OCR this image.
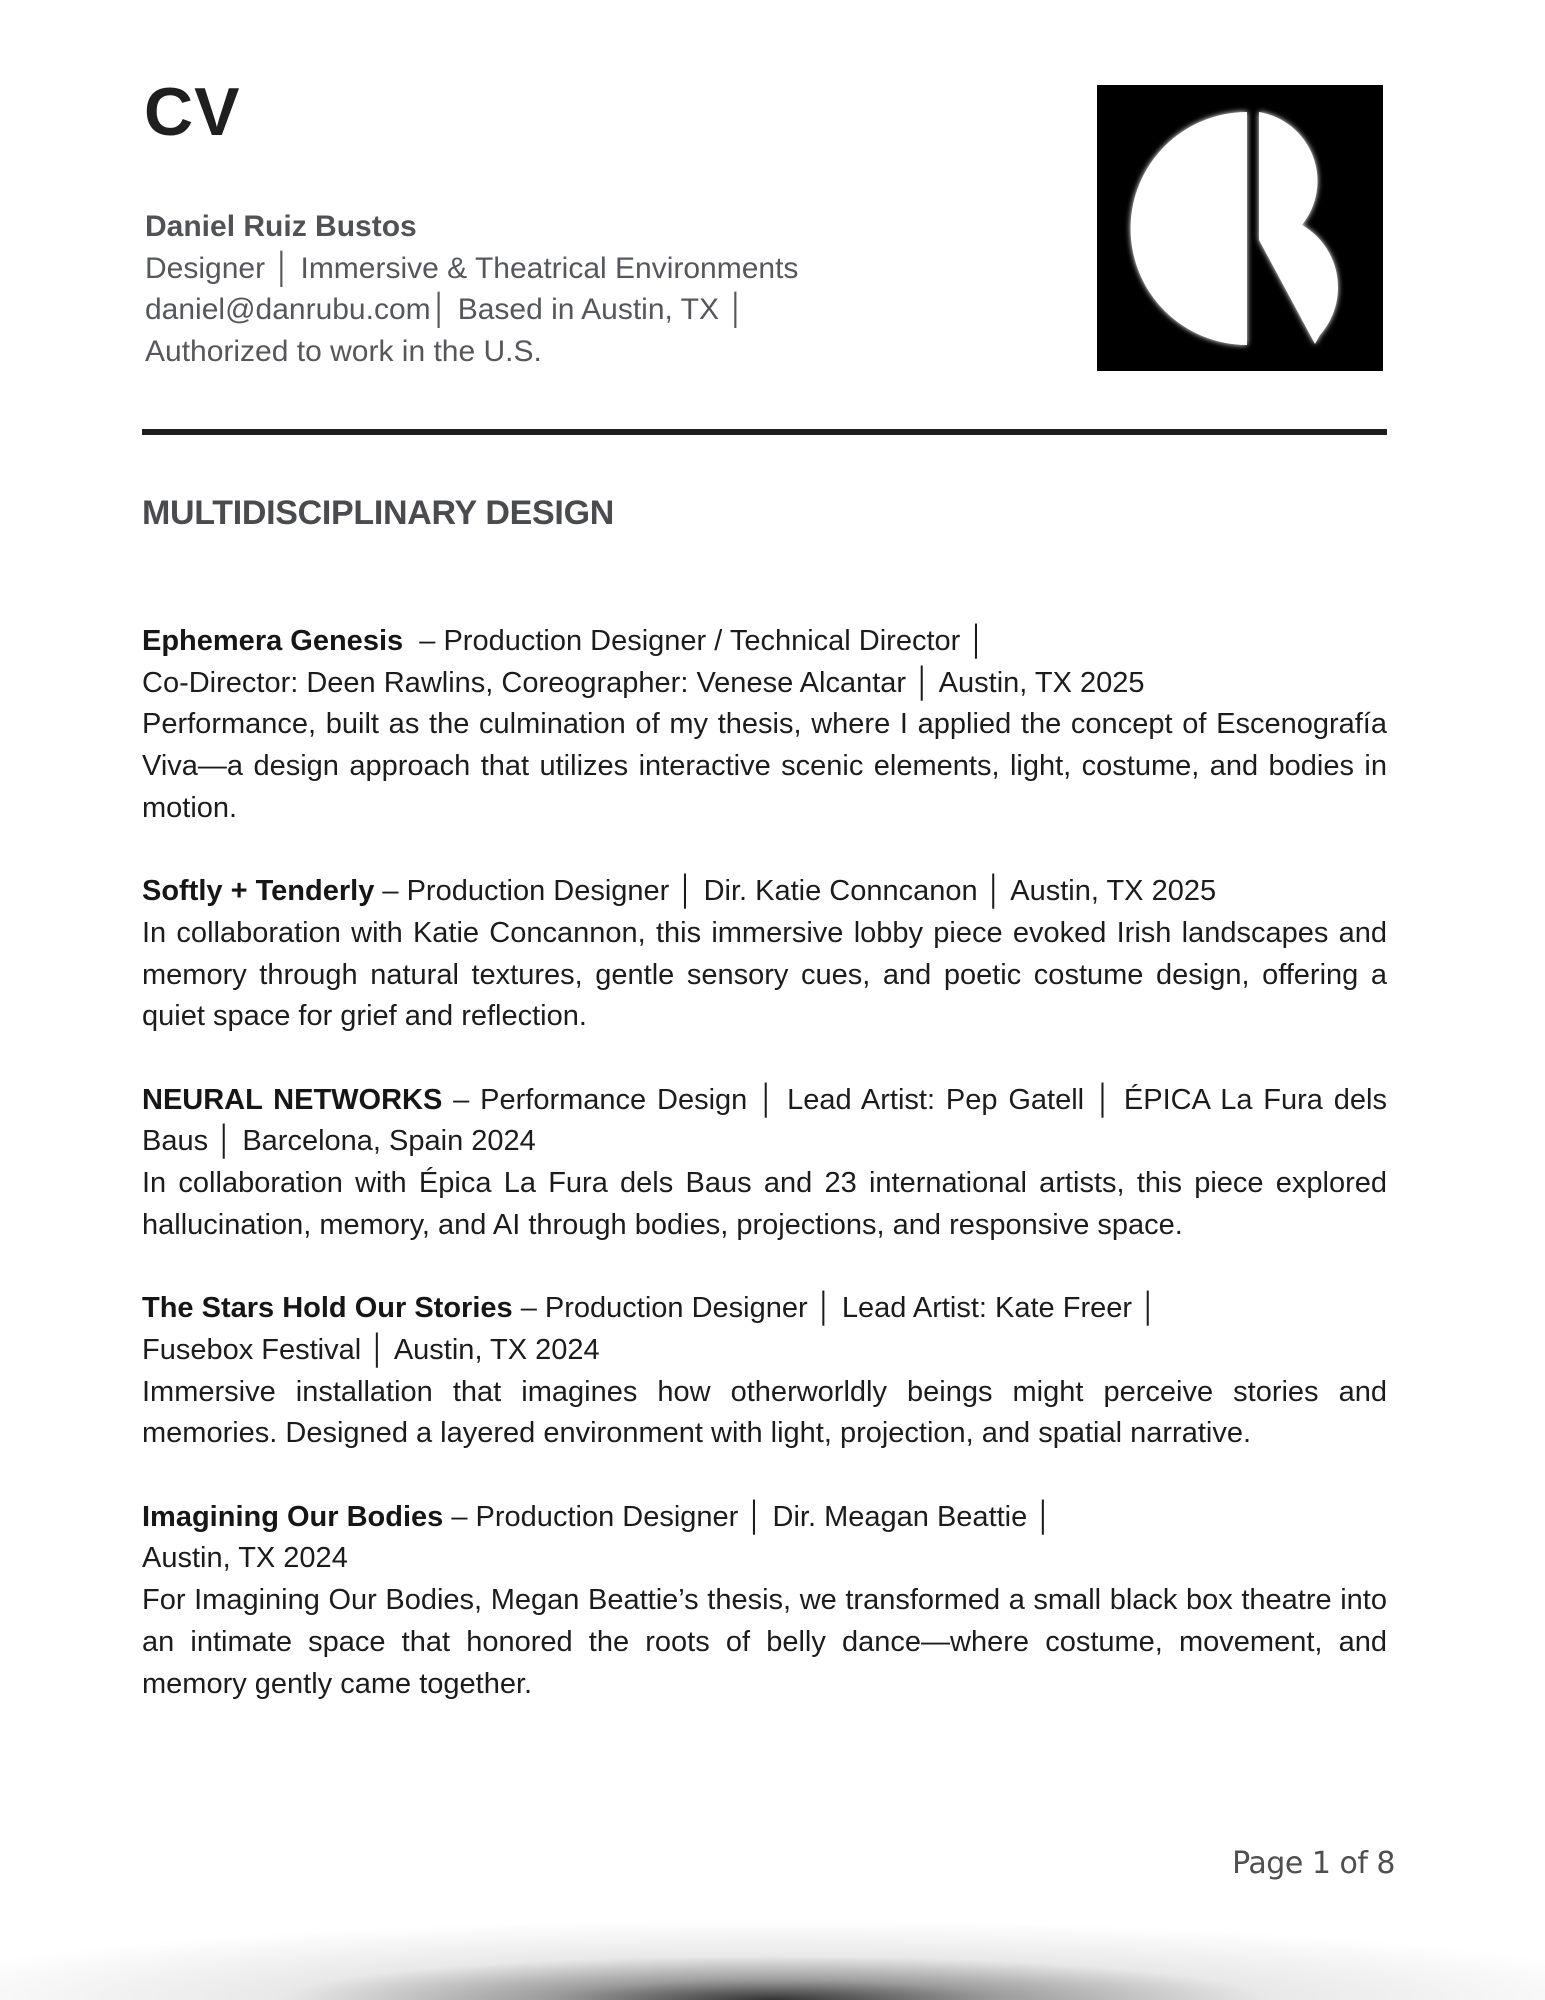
CV
Daniel Ruiz Bustos
Designer │ Immersive & Theatrical Environments
daniel@danrubu.com│ Based in Austin, TX │
Authorized to work in the U.S.
MULTIDISCIPLINARY DESIGN
Ephemera Genesis  – Production Designer / Technical Director │
Co-Director: Deen Rawlins, Coreographer: Venese Alcantar │ Austin, TX 2025
Performance, built as the culmination of my thesis, where I applied the concept of Escenografía Viva—a design approach that utilizes interactive scenic elements, light, costume, and bodies in motion.
Softly + Tenderly – Production Designer │ Dir. Katie Conncanon │ Austin, TX 2025
In collaboration with Katie Concannon, this immersive lobby piece evoked Irish landscapes and memory through natural textures, gentle sensory cues, and poetic costume design, offering a quiet space for grief and reflection.
NEURAL NETWORKS – Performance Design │ Lead Artist: Pep Gatell │ ÉPICA La Fura dels Baus │ Barcelona, Spain 2024
In collaboration with Épica La Fura dels Baus and 23 international artists, this piece explored hallucination, memory, and AI through bodies, projections, and responsive space.
The Stars Hold Our Stories – Production Designer │ Lead Artist: Kate Freer │
Fusebox Festival │ Austin, TX 2024
Immersive installation that imagines how otherworldly beings might perceive stories and memories. Designed a layered environment with light, projection, and spatial narrative.
Imagining Our Bodies – Production Designer │ Dir. Meagan Beattie │
Austin, TX 2024
For Imagining Our Bodies, Megan Beattie’s thesis, we transformed a small black box theatre into an intimate space that honored the roots of belly dance—where costume, movement, and memory gently came together.
Page 1 of 8
